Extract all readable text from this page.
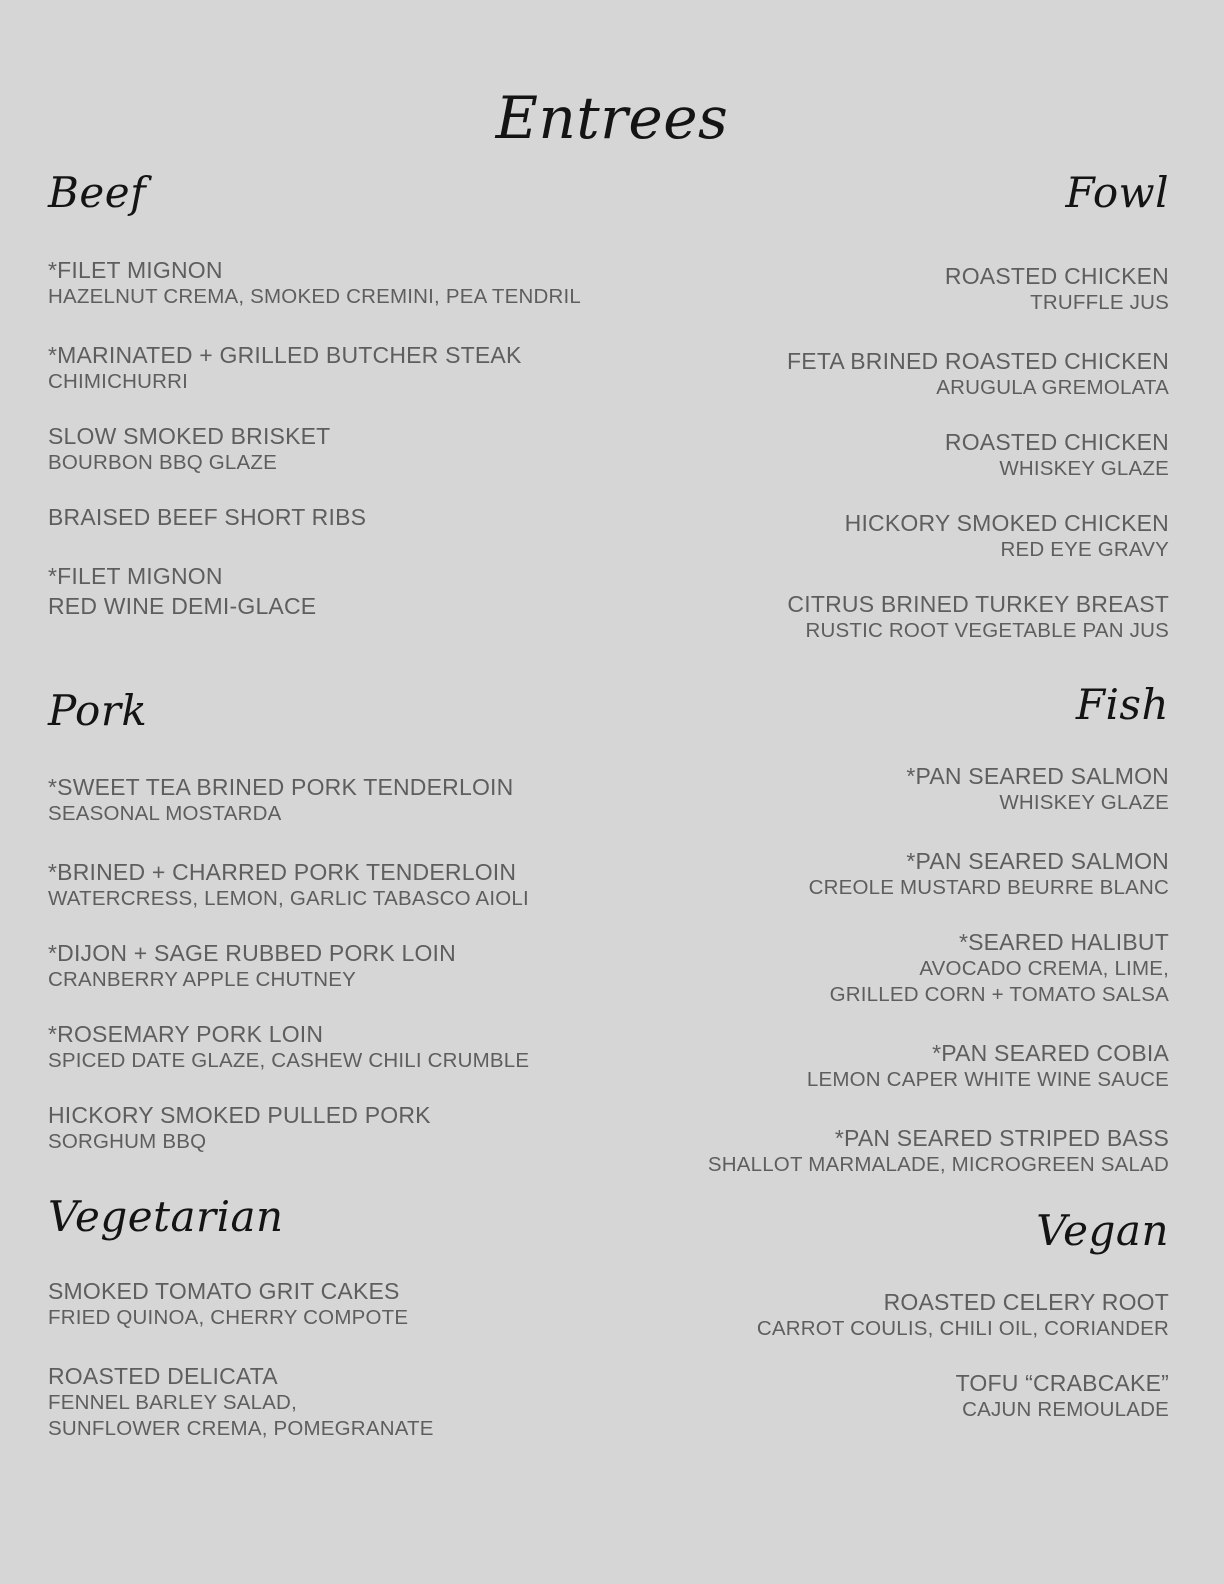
Entrees
Beef
*FILET MIGNON
HAZELNUT CREMA, SMOKED CREMINI, PEA TENDRIL
*MARINATED + GRILLED BUTCHER STEAK
CHIMICHURRI
SLOW SMOKED BRISKET
BOURBON BBQ GLAZE
BRAISED BEEF SHORT RIBS
*FILET MIGNON
RED WINE DEMI-GLACE
Fowl
ROASTED CHICKEN
TRUFFLE JUS
FETA BRINED ROASTED CHICKEN
ARUGULA GREMOLATA
ROASTED CHICKEN
WHISKEY GLAZE
HICKORY SMOKED CHICKEN
RED EYE GRAVY
CITRUS BRINED TURKEY BREAST
RUSTIC ROOT VEGETABLE PAN JUS
Pork
*SWEET TEA BRINED PORK TENDERLOIN
SEASONAL MOSTARDA
*BRINED + CHARRED PORK TENDERLOIN
WATERCRESS, LEMON, GARLIC TABASCO AIOLI
*DIJON + SAGE RUBBED PORK LOIN
CRANBERRY APPLE CHUTNEY
*ROSEMARY PORK LOIN
SPICED DATE GLAZE, CASHEW CHILI CRUMBLE
HICKORY SMOKED PULLED PORK
SORGHUM BBQ
Fish
*PAN SEARED SALMON
WHISKEY GLAZE
*PAN SEARED SALMON
CREOLE MUSTARD BEURRE BLANC
*SEARED HALIBUT
AVOCADO CREMA, LIME,
GRILLED CORN + TOMATO SALSA
*PAN SEARED COBIA
LEMON CAPER WHITE WINE SAUCE
*PAN SEARED STRIPED BASS
SHALLOT MARMALADE, MICROGREEN SALAD
Vegetarian
SMOKED TOMATO GRIT CAKES
FRIED QUINOA, CHERRY COMPOTE
ROASTED DELICATA
FENNEL BARLEY SALAD,
SUNFLOWER CREMA, POMEGRANATE
Vegan
ROASTED CELERY ROOT
CARROT COULIS, CHILI OIL, CORIANDER
TOFU “CRABCAKE”
CAJUN REMOULADE
